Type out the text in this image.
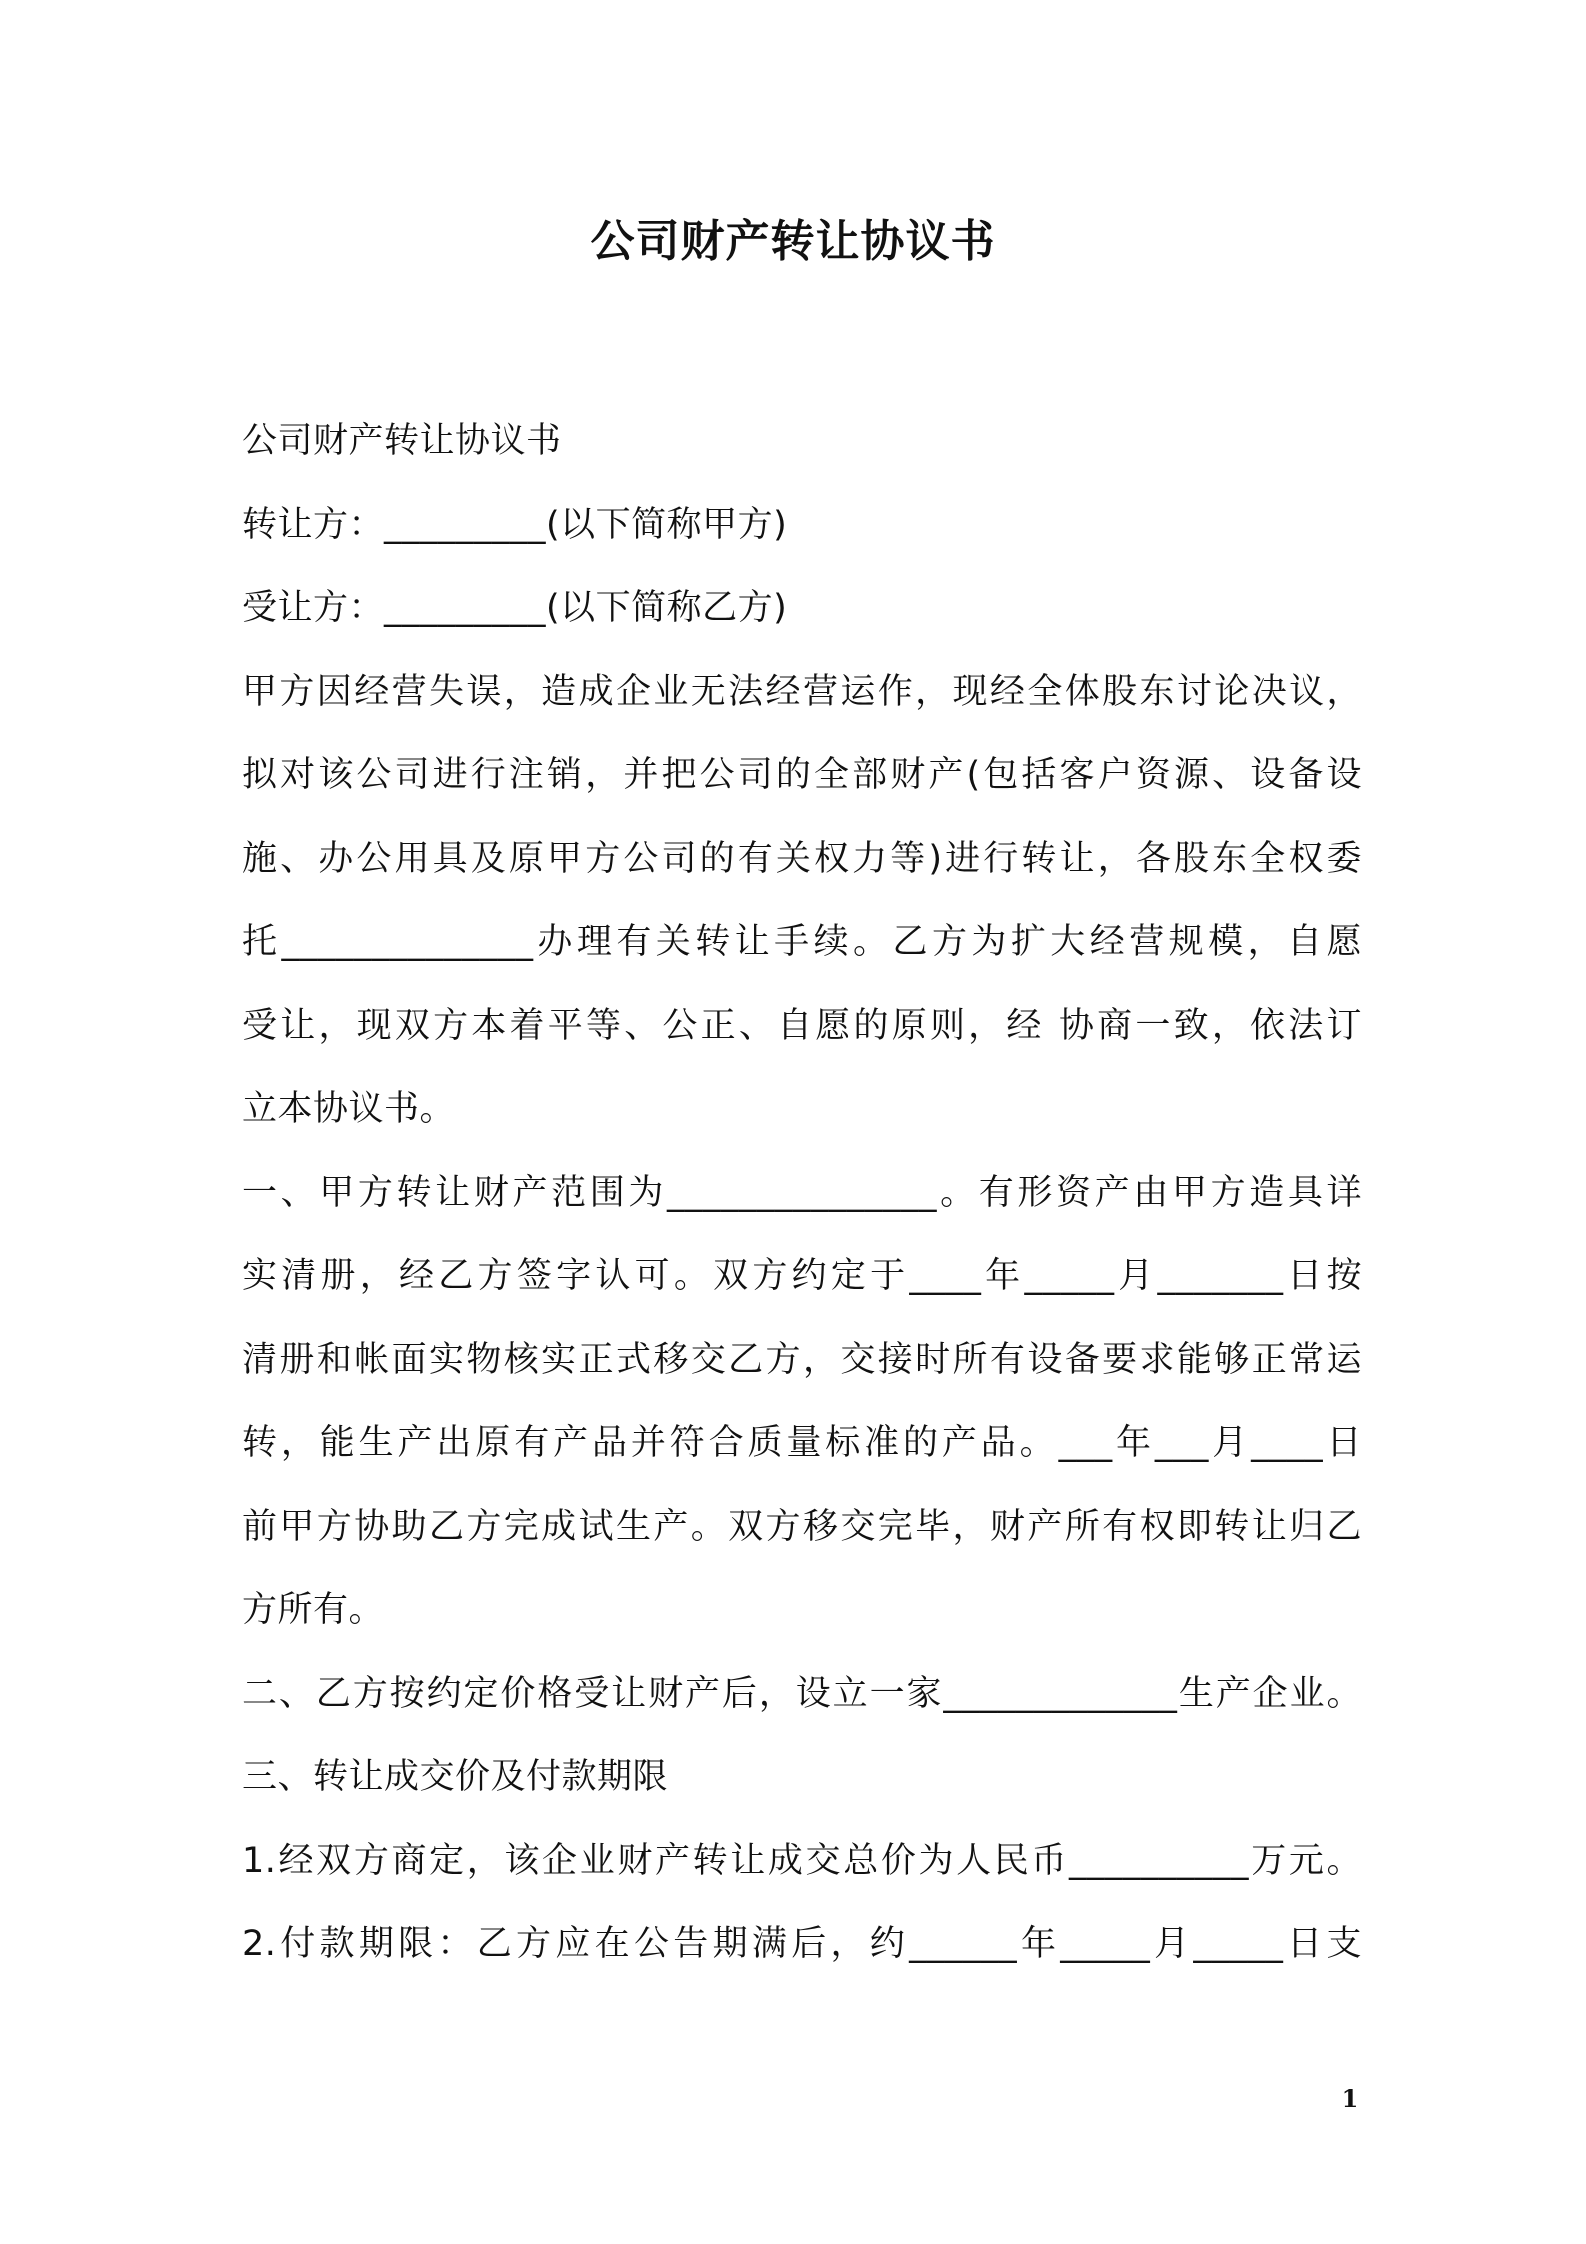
公司财产转让协议书
公司财产转让协议书
转让方：_________(以下简称甲方)
受让方：_________(以下简称乙方)
甲方因经营失误，造成企业无法经营运作，现经全体股东讨论决议，
拟对该公司进行注销，并把公司的全部财产(包括客户资源、设备设
施、办公用具及原甲方公司的有关权力等)进行转让，各股东全权委
托______________办理有关转让手续。乙方为扩大经营规模，自愿
受让，现双方本着平等、公正、自愿的原则，经 协商一致，依法订
立本协议书。
一、甲方转让财产范围为_______________。有形资产由甲方造具详
实清册，经乙方签字认可。双方约定于____年_____月_______日按
清册和帐面实物核实正式移交乙方，交接时所有设备要求能够正常运
转，能生产出原有产品并符合质量标准的产品。___年___月____日
前甲方协助乙方完成试生产。双方移交完毕，财产所有权即转让归乙
方所有。
二、乙方按约定价格受让财产后，设立一家_____________生产企业。
三、转让成交价及付款期限
1.经双方商定，该企业财产转让成交总价为人民币__________万元。
2.付款期限：乙方应在公告期满后，约______年_____月_____日支
1
